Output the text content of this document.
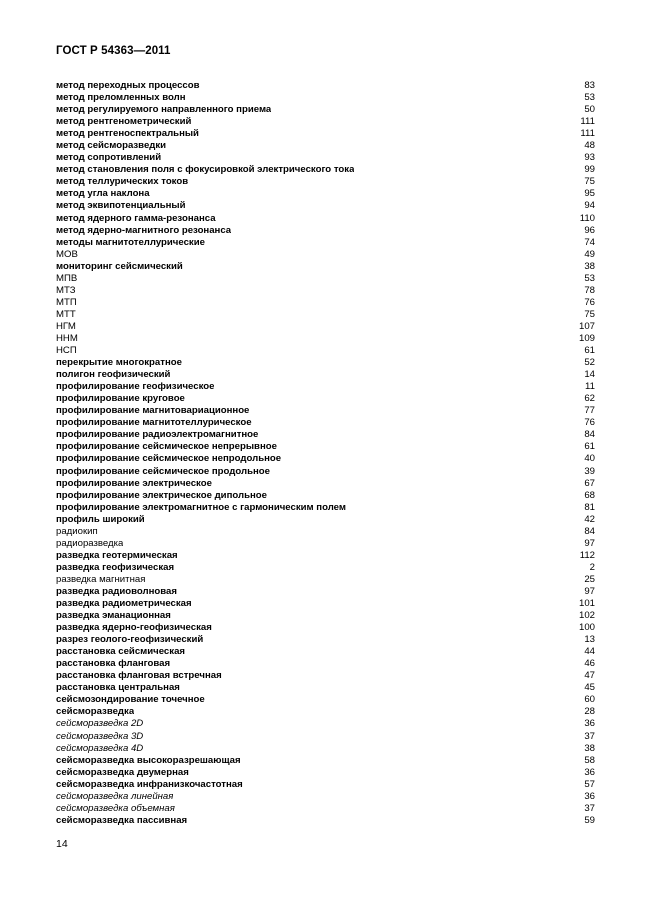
ГОСТ Р 54363—2011
метод переходных процессов	83
метод преломленных волн	53
метод регулируемого направленного приема	50
метод рентгенометрический	111
метод рентгеноспектральный	111
метод сейсморазведки	48
метод сопротивлений	93
метод становления поля с фокусировкой электрического тока	99
метод теллурических токов	75
метод угла наклона	95
метод эквипотенциальный	94
метод ядерного гамма-резонанса	110
метод ядерно-магнитного резонанса	96
методы магнитотеллурические	74
МОВ	49
мониторинг сейсмический	38
МПВ	53
МТЗ	78
МТП	76
МТТ	75
НГМ	107
ННМ	109
НСП	61
перекрытие многократное	52
полигон геофизический	14
профилирование геофизическое	11
профилирование круговое	62
профилирование магнитовариационное	77
профилирование магнитотеллурическое	76
профилирование радиоэлектромагнитное	84
профилирование сейсмическое непрерывное	61
профилирование сейсмическое непродольное	40
профилирование сейсмическое продольное	39
профилирование электрическое	67
профилирование электрическое дипольное	68
профилирование электромагнитное с гармоническим полем	81
профиль широкий	42
радиокип	84
радиоразведка	97
разведка геотермическая	112
разведка геофизическая	2
разведка магнитная	25
разведка радиоволновая	97
разведка радиометрическая	101
разведка эманационная	102
разведка ядерно-геофизическая	100
разрез геолого-геофизический	13
расстановка сейсмическая	44
расстановка фланговая	46
расстановка фланговая встречная	47
расстановка центральная	45
сейсмозондирование точечное	60
сейсморазведка	28
сейсморазведка 2D	36
сейсморазведка 3D	37
сейсморазведка 4D	38
сейсморазведка высокоразрешающая	58
сейсморазведка двумерная	36
сейсморазведка инфранизкочастотная	57
сейсморазведка линейная	36
сейсморазведка объемная	37
сейсморазведка пассивная	59
14
